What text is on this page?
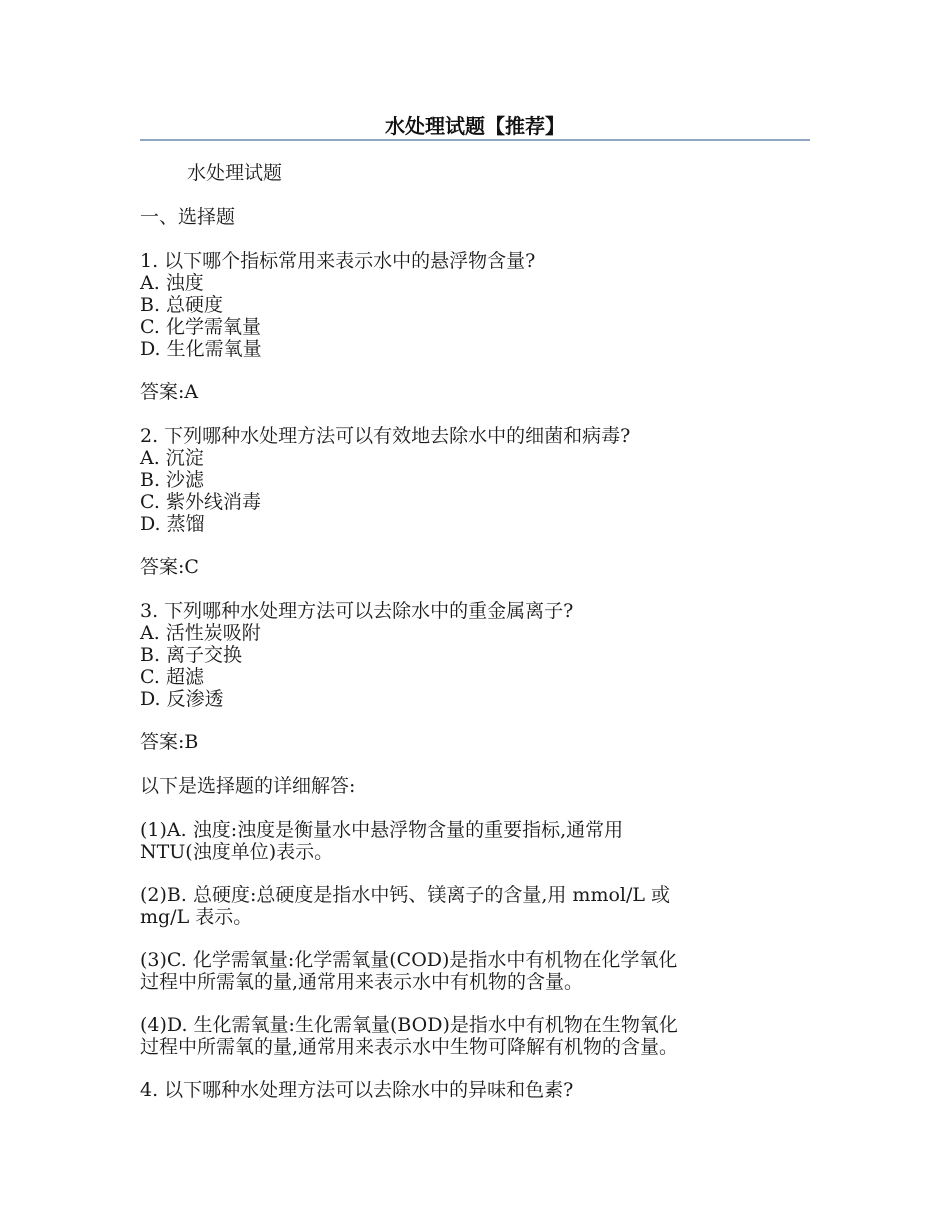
水处理试题【推荐】
水处理试题
一、选择题
1. 以下哪个指标常用来表示水中的悬浮物含量?
A. 浊度
B. 总硬度
C. 化学需氧量
D. 生化需氧量
答案:A
2. 下列哪种水处理方法可以有效地去除水中的细菌和病毒?
A. 沉淀
B. 沙滤
C. 紫外线消毒
D. 蒸馏
答案:C
3. 下列哪种水处理方法可以去除水中的重金属离子?
A. 活性炭吸附
B. 离子交换
C. 超滤
D. 反渗透
答案:B
以下是选择题的详细解答:
(1)A. 浊度:浊度是衡量水中悬浮物含量的重要指标,通常用
NTU(浊度单位)表示。
(2)B. 总硬度:总硬度是指水中钙、镁离子的含量,用 mmol/L 或
mg/L 表示。
(3)C. 化学需氧量:化学需氧量(COD)是指水中有机物在化学氧化
过程中所需氧的量,通常用来表示水中有机物的含量。
(4)D. 生化需氧量:生化需氧量(BOD)是指水中有机物在生物氧化
过程中所需氧的量,通常用来表示水中生物可降解有机物的含量。
4. 以下哪种水处理方法可以去除水中的异味和色素?
